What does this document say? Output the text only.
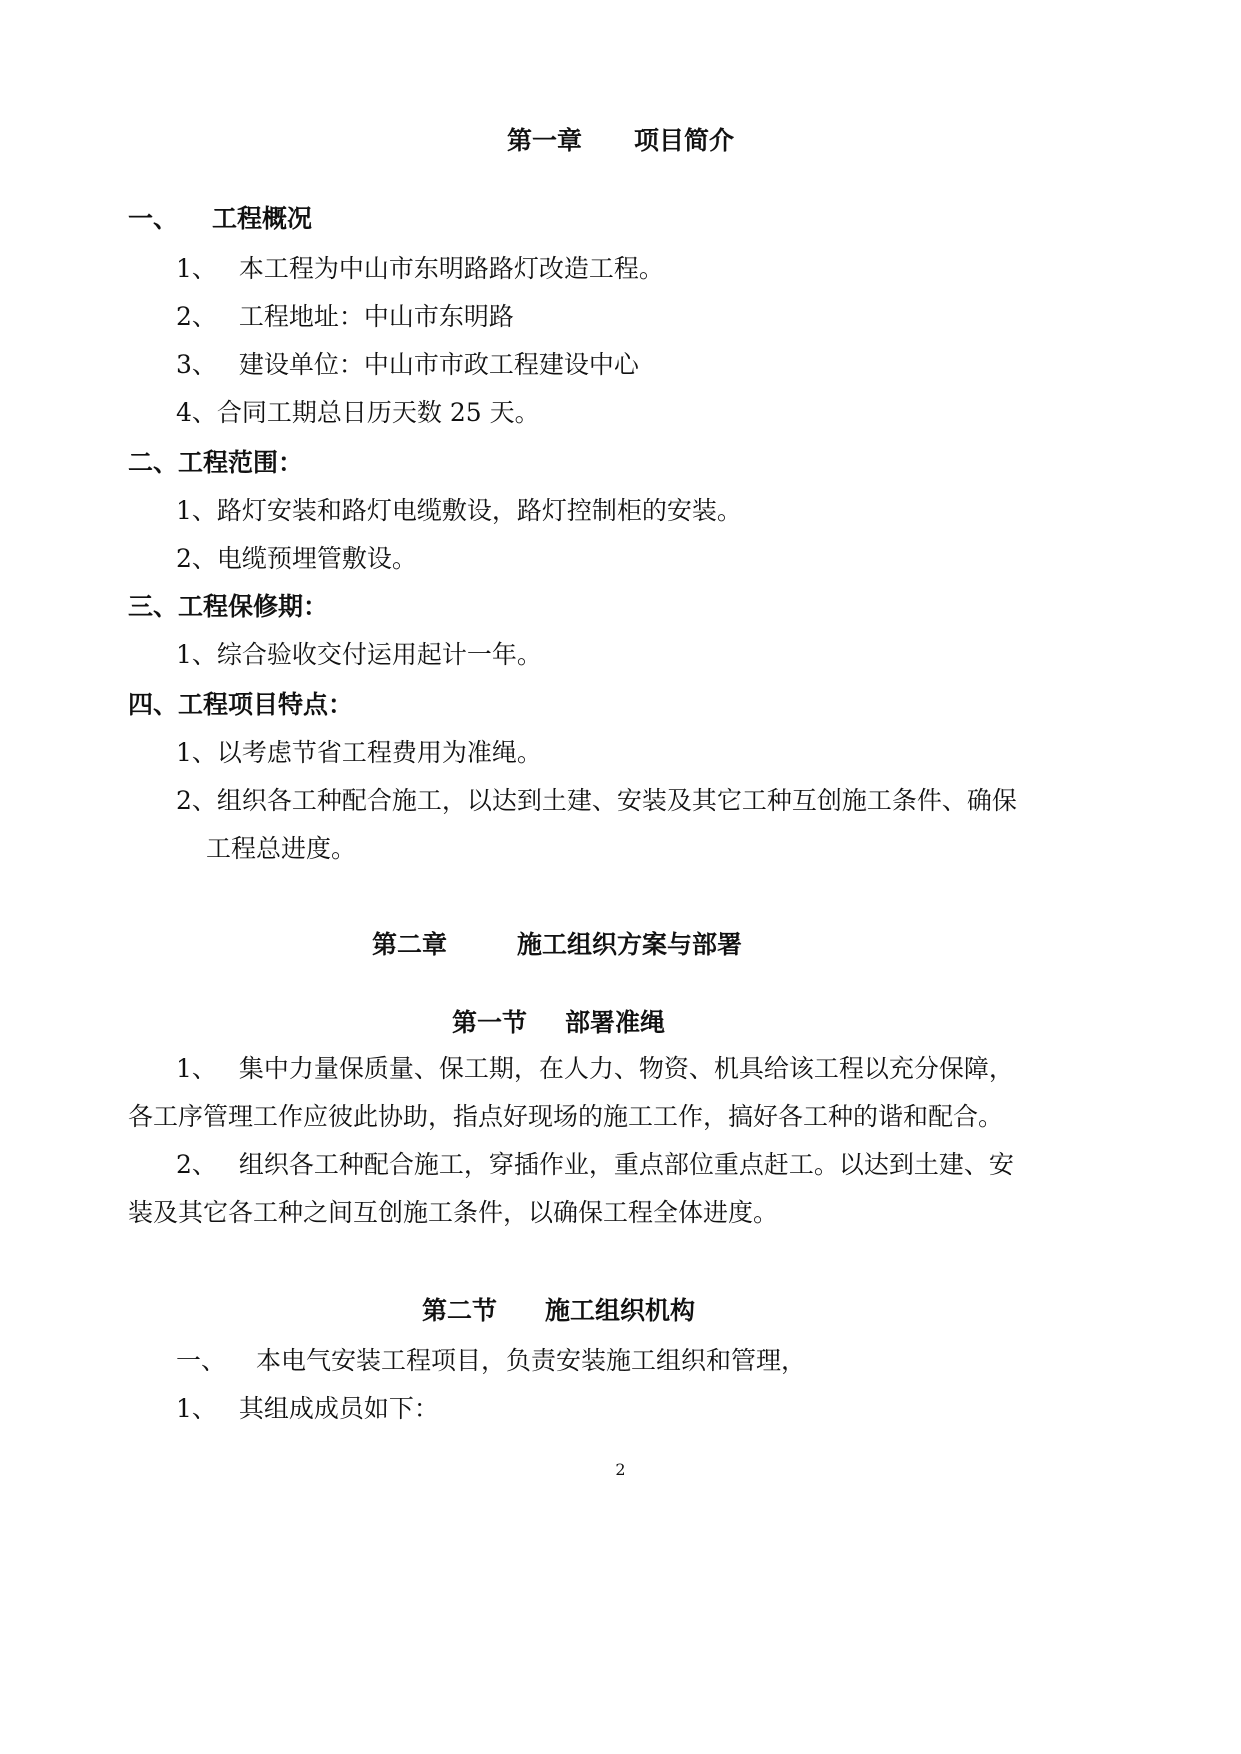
第一章 项目简介
一、 工程概况
1、 本工程为中山市东明路路灯改造工程。
2、 工程地址：中山市东明路
3、 建设单位：中山市市政工程建设中心
4、合同工期总日历天数 25 天。
二、工程范围：
1、路灯安装和路灯电缆敷设，路灯控制柜的安装。
2、电缆预埋管敷设。
三、工程保修期：
1、综合验收交付运用起计一年。
四、工程项目特点：
1、以考虑节省工程费用为准绳。
2、组织各工种配合施工，以达到土建、安装及其它工种互创施工条件、确保
工程总进度。
第二章	施工组织方案与部署
第一节 部署准绳
1、 集中力量保质量、保工期，在人力、物资、机具给该工程以充分保障，
各工序管理工作应彼此协助，指点好现场的施工工作，搞好各工种的谐和配合。
2、 组织各工种配合施工，穿插作业，重点部位重点赶工。以达到土建、安
装及其它各工种之间互创施工条件，以确保工程全体进度。
第二节 施工组织机构
一、 本电气安装工程项目，负责安装施工组织和管理，
1、 其组成成员如下：
2
